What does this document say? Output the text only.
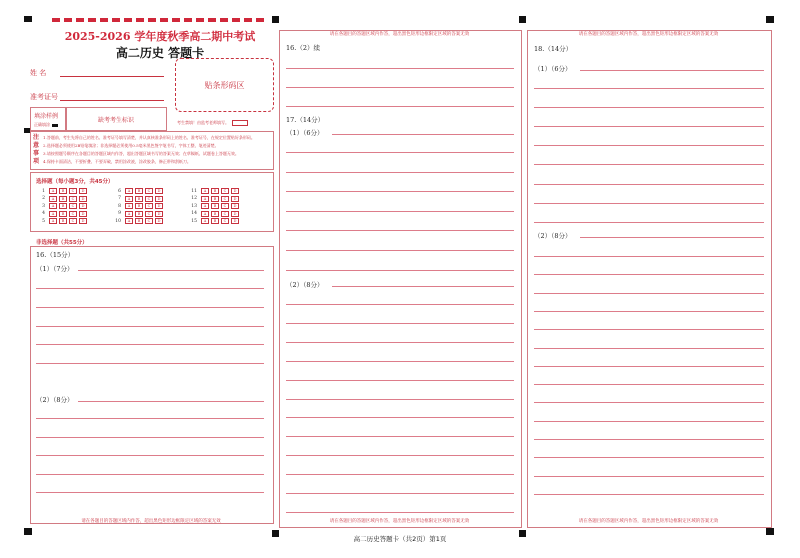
2025-2026 学年度秋季高二期中考试
高二历史 答题卡
姓 名
准考证号
贴条形码区
填涂样例
正确填涂
缺考考生标识	考生禁填！由监考老师填写。
注意事项
1.答题前，考生先将自己的姓名、准考证号填写清楚，并认真核准条形码上的姓名、准考证号，在规定位置贴好条形码。
2.选择题必须使用2B铅笔填涂；非选择题必须使用0.5毫米黑色签字笔书写，字体工整、笔迹清楚。
3.请按照题号顺序在各题目的答题区域内作答，超出答题区域书写的答案无效；在草稿纸、试题卷上答题无效。
4.保持卡面清洁，不要折叠、不要弄破，禁用涂改液，涂改胶条，修正带和刮纸刀。
选择题（每小题3分，共45分）
1	A	B	C	D
2	A	B	C	D
3	A	B	C	D
4	A	B	C	D
5	A	B	C	D
6	A	B	C	D
7	A	B	C	D
8	A	B	C	D
9	A	B	C	D
10	A	B	C	D
11	A	B	C	D
12	A	B	C	D
13	A	B	C	D
14	A	B	C	D
15	A	B	C	D
非选择题（共55分）
16.（15分）
（1）（7分）
（2）（8分）
请在各题目的答题区域内作答，超出黑色矩形边框限定区域的答案无效
请在各题目的答题区域内作答，超出黑色矩形边框限定区域的答案无效
16.（2）续
17.（14分）
（1）（6分）
（2）（8分）
请在各题目的答题区域内作答，超出黑色矩形边框限定区域的答案无效
请在各题目的答题区域内作答，超出黑色矩形边框限定区域的答案无效
18.（14分）
（1）（6分）
（2）（8分）
请在各题目的答题区域内作答，超出黑色矩形边框限定区域的答案无效
高二历史答题卡（共2页）第1页
